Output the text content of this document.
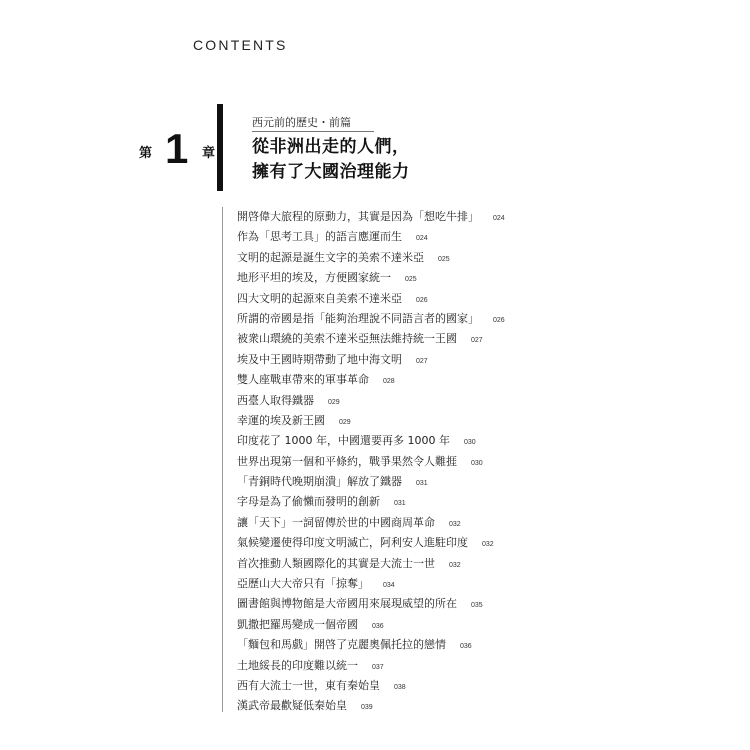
CONTENTS
第 1 章
西元前的歷史・前篇
從非洲出走的人們，
擁有了大國治理能力
開啓偉大旅程的原動力，其實是因為「想吃牛排」 024
作為「思考工具」的語言應運而生 024
文明的起源是誕生文字的美索不達米亞 025
地形平坦的埃及，方便國家統一 025
四大文明的起源來自美索不達米亞 026
所謂的帝國是指「能夠治理說不同語言者的國家」 026
被衆山環繞的美索不達米亞無法維持統一王國 027
埃及中王國時期帶動了地中海文明 027
雙人座戰車帶來的軍事革命 028
西臺人取得鐵器 029
幸運的埃及新王國 029
印度花了 1000 年，中國還要再多 1000 年 030
世界出現第一個和平條約，戰爭果然令人難捱 030
「青銅時代晚期崩潰」解放了鐵器 031
字母是為了偷懶而發明的創新 031
讓「天下」一詞留傳於世的中國商周革命 032
氣候變遷使得印度文明滅亡，阿利安人進駐印度 032
首次推動人類國際化的其實是大流士一世 032
亞歷山大大帝只有「掠奪」 034
圖書館與博物館是大帝國用來展現威望的所在 035
凱撒把羅馬變成一個帝國 036
「麵包和馬戲」開啓了克麗奧佩托拉的戀情 036
土地綏長的印度難以統一 037
西有大流士一世，東有秦始皇 038
漢武帝最歡疑低秦始皇 039
